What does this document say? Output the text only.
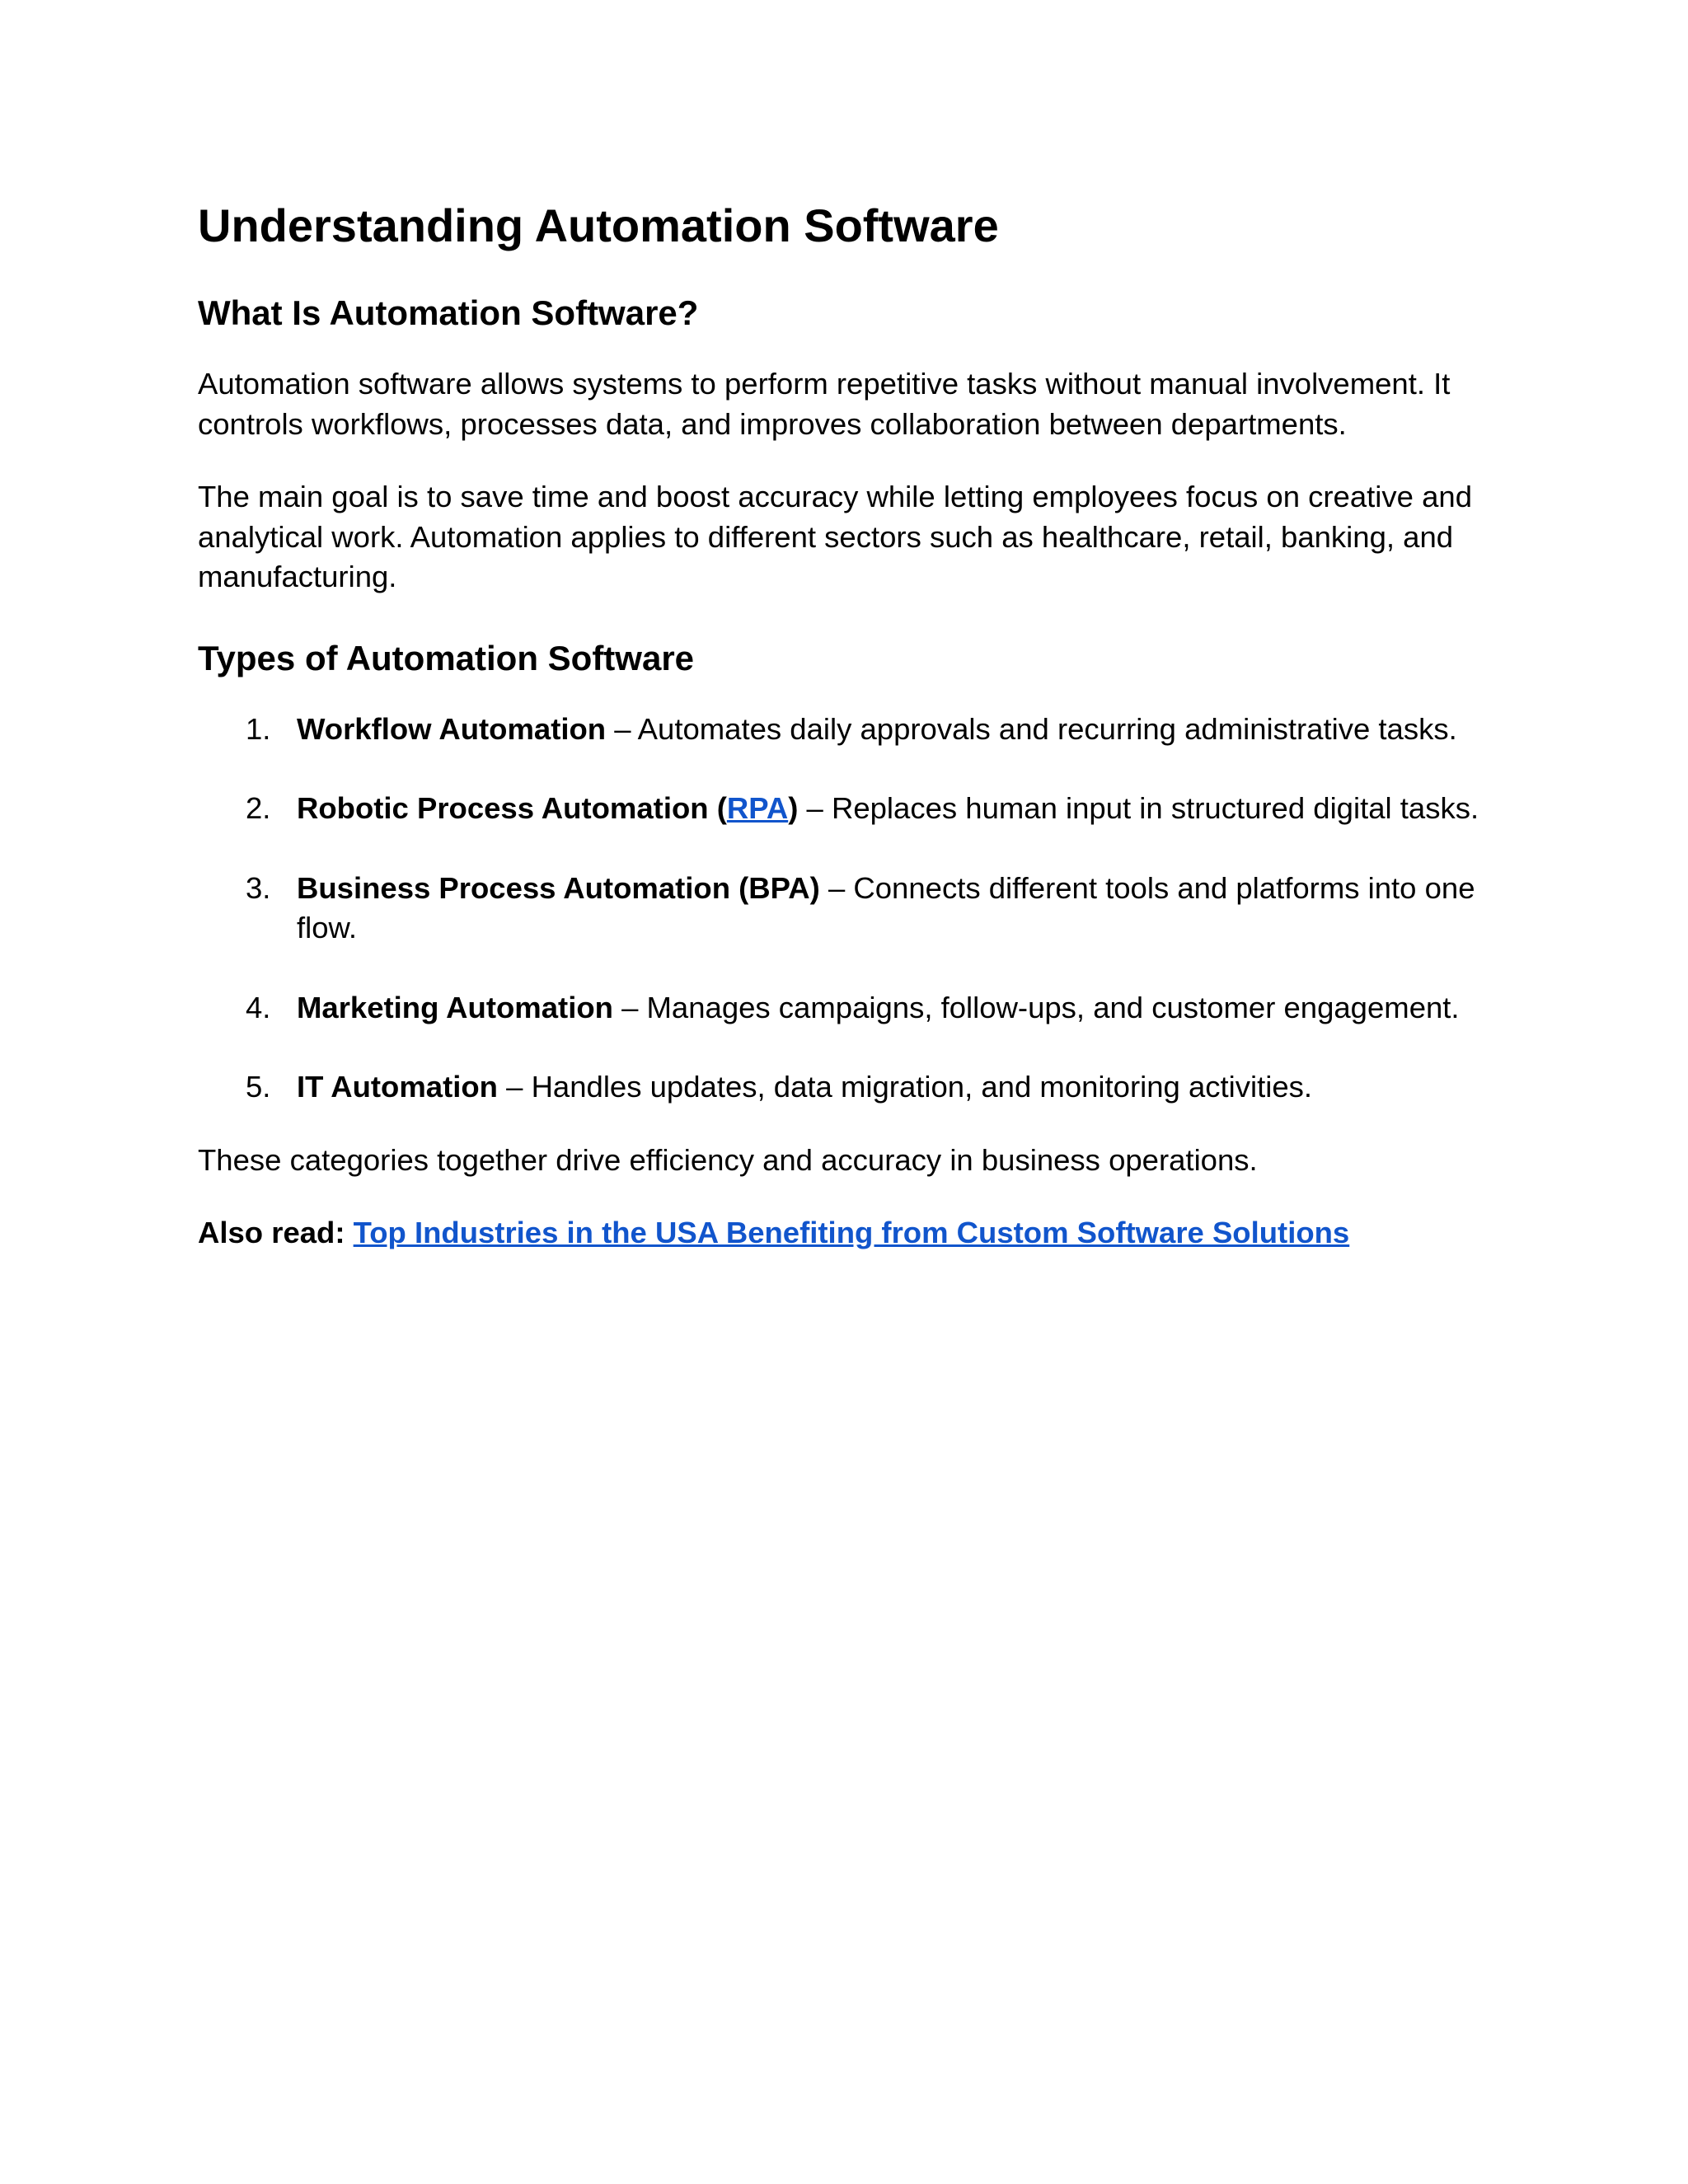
Understanding Automation Software
What Is Automation Software?

Automation software allows systems to perform repetitive tasks without manual involvement. It controls workflows, processes data, and improves collaboration between departments.

The main goal is to save time and boost accuracy while letting employees focus on creative and analytical work. Automation applies to different sectors such as healthcare, retail, banking, and manufacturing.

Types of Automation Software
1. Workflow Automation – Automates daily approvals and recurring administrative tasks.
2. Robotic Process Automation (RPA) – Replaces human input in structured digital tasks.
3. Business Process Automation (BPA) – Connects different tools and platforms into one flow.
4. Marketing Automation – Manages campaigns, follow-ups, and customer engagement.
5. IT Automation – Handles updates, data migration, and monitoring activities.

These categories together drive efficiency and accuracy in business operations.

Also read: Top Industries in the USA Benefiting from Custom Software Solutions
